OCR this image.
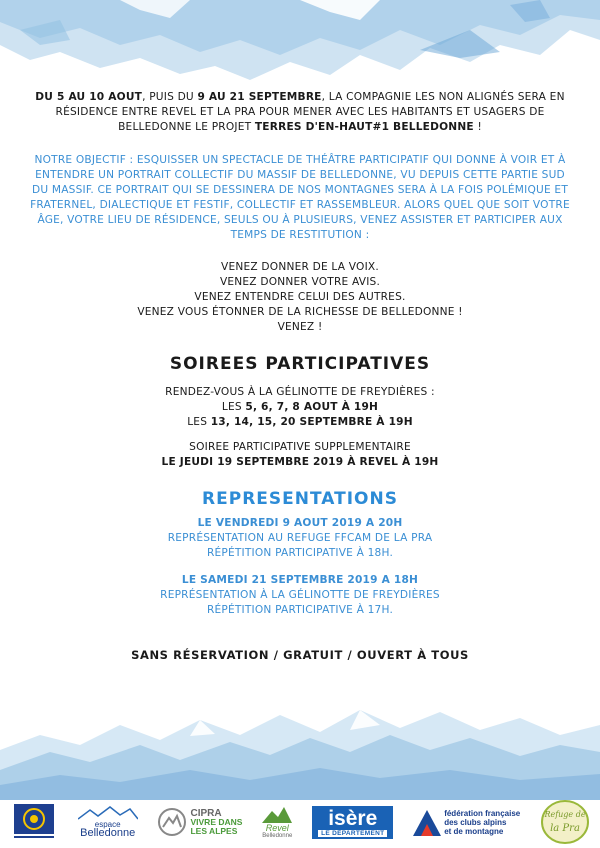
DU 5 AU 10 AOUT, PUIS DU 9 AU 21 SEPTEMBRE, LA COMPAGNIE LES NON ALIGNÉS SERA EN RÉSIDENCE ENTRE REVEL ET LA PRA POUR MENER AVEC LES HABITANTS ET USAGERS DE BELLEDONNE LE PROJET TERRES D'EN-HAUT#1 BELLEDONNE !

NOTRE OBJECTIF : ESQUISSER UN SPECTACLE DE THÉÂTRE PARTICIPATIF QUI DONNE À VOIR ET À ENTENDRE UN PORTRAIT COLLECTIF DU MASSIF DE BELLEDONNE, VU DEPUIS CETTE PARTIE SUD DU MASSIF. CE PORTRAIT QUI SE DESSINERA DE NOS MONTAGNES SERA À LA FOIS POLÉMIQUE ET FRATERNEL, DIALECTIQUE ET FESTIF, COLLECTIF ET RASSEMBLEUR. ALORS QUEL QUE SOIT VOTRE ÂGE, VOTRE LIEU DE RÉSIDENCE, SEULS OU À PLUSIEURS, VENEZ ASSISTER ET PARTICIPER AUX TEMPS DE RESTITUTION :

VENEZ DONNER DE LA VOIX.
VENEZ DONNER VOTRE AVIS.
VENEZ ENTENDRE CELUI DES AUTRES.
VENEZ VOUS ÉTONNER DE LA RICHESSE DE BELLEDONNE !
VENEZ !
SOIREES PARTICIPATIVES
RENDEZ-VOUS À LA GÉLINOTTE DE FREYDIÈRES :
LES 5, 6, 7, 8 AOUT À 19H
LES 13, 14, 15, 20 SEPTEMBRE À 19H
SOIREE PARTICIPATIVE SUPPLEMENTAIRE
LE JEUDI 19 SEPTEMBRE 2019 À REVEL À 19H
REPRESENTATIONS
LE VENDREDI 9 AOUT 2019 A 20H
REPRÉSENTATION AU REFUGE FFCAM DE LA PRA
RÉPÉTITION PARTICIPATIVE À 18H.
LE SAMEDI 21 SEPTEMBRE 2019 A 18H
REPRÉSENTATION À LA GÉLINOTTE DE FREYDIÈRES
RÉPÉTITION PARTICIPATIVE À 17H.
SANS RÉSERVATION / GRATUIT / OUVERT À TOUS
espace
Belledonne
CIPRA
VIVRE DANS
LES ALPES	Revel
Belledonne
isère
LE DÉPARTEMENT
fédération française
des clubs alpins
et de montagne
Refuge de
la Pra
